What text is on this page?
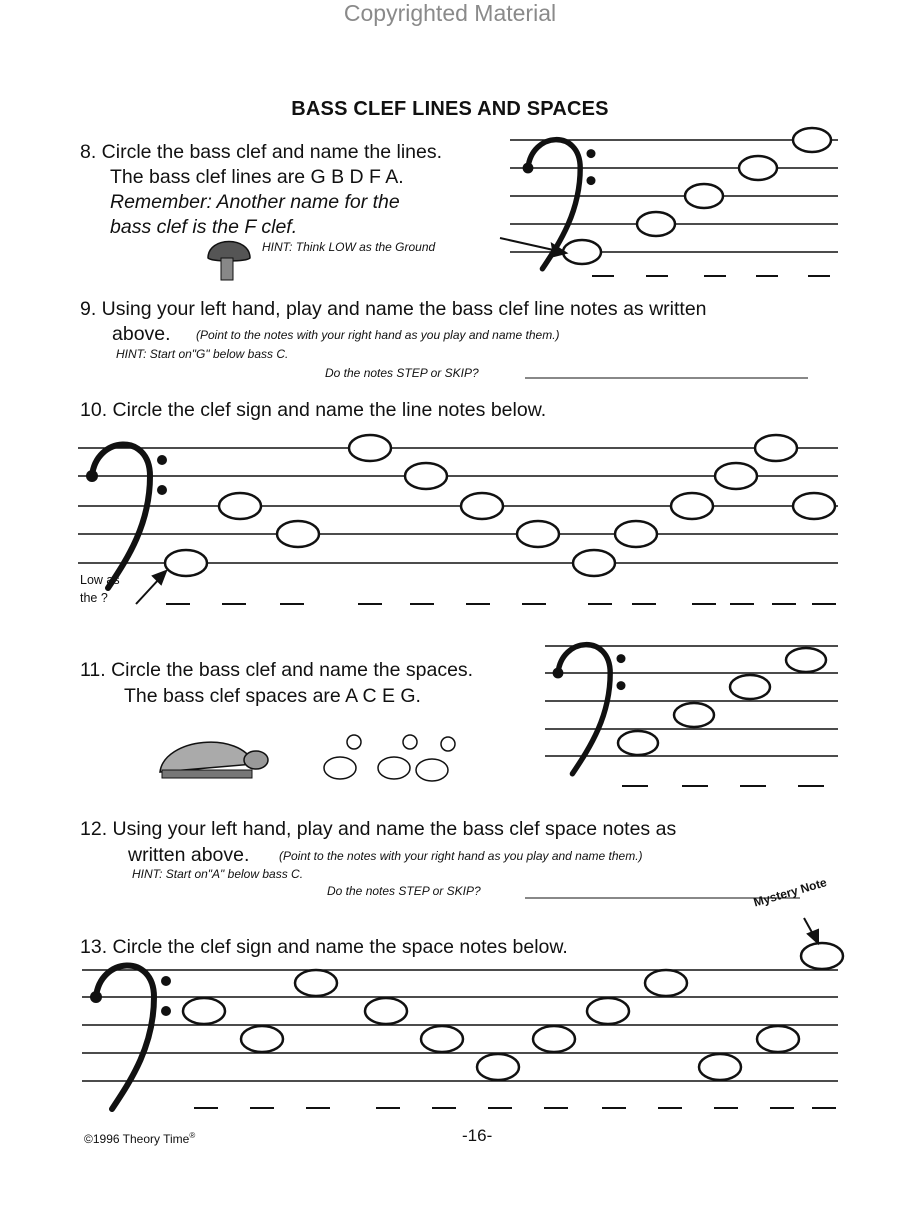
Copyrighted Material
BASS CLEF LINES AND SPACES
8. Circle the bass clef and name the lines.
The bass clef lines are G B D F A.
Remember: Another name for the
bass clef is the F clef.
HINT: Think LOW as the Ground
9. Using your left hand, play and name the bass clef line notes as written
above. (Point to the notes with your right hand as you play and name them.)
HINT: Start on"G" below bass C.
Do the notes STEP or SKIP?
10. Circle the clef sign and name the line notes below.
Low as
the ?
11. Circle the bass clef and name the spaces.
The bass clef spaces are A C E G.
12. Using your left hand, play and name the bass clef space notes as
written above. (Point to the notes with your right hand as you play and name them.)
HINT: Start on"A" below bass C.
Do the notes STEP or SKIP?
13. Circle the clef sign and name the space notes below.
Mystery Note
©1996 Theory Time®	-16-
